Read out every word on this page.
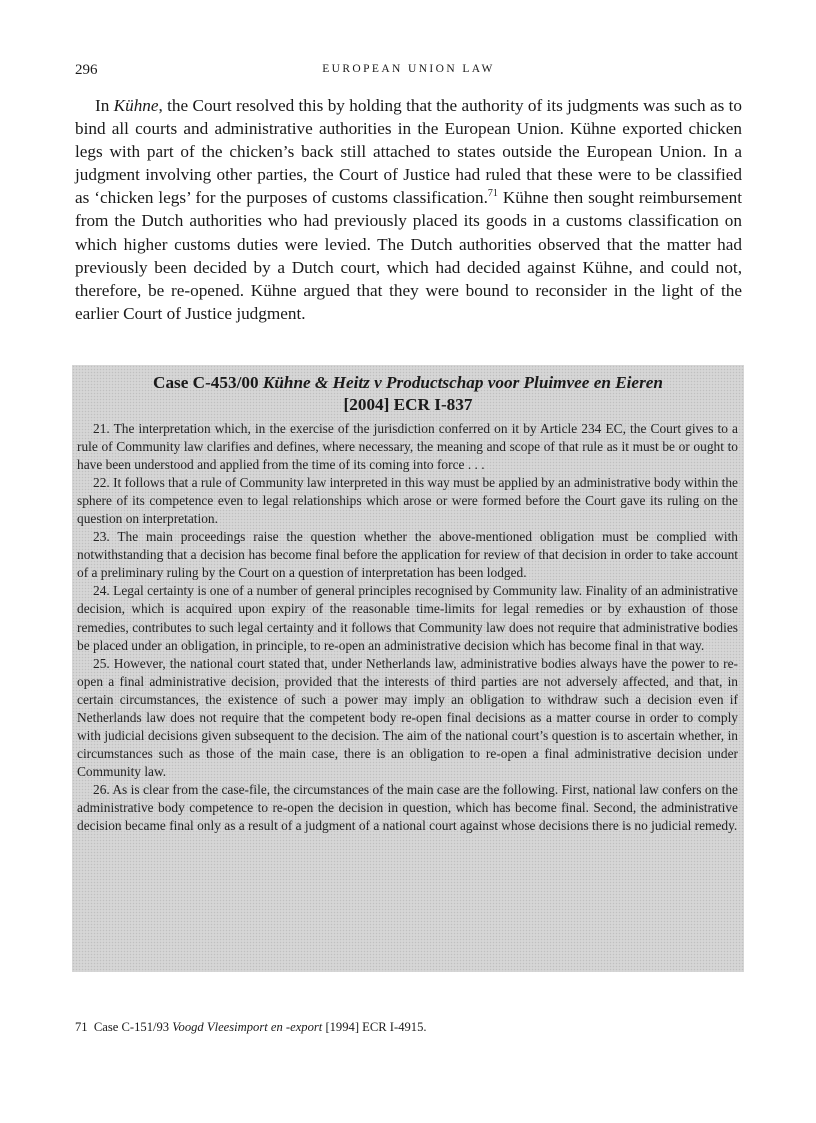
296	EUROPEAN UNION LAW

In Kühne, the Court resolved this by holding that the authority of its judgments was such as to bind all courts and administrative authorities in the European Union. Kühne exported chicken legs with part of the chicken’s back still attached to states outside the European Union. In a judgment involving other parties, the Court of Justice had ruled that these were to be classified as ‘chicken legs’ for the purposes of customs classification.$^{71}$ Kühne then sought reimbursement from the Dutch authorities who had previously placed its goods in a customs classification on which higher customs duties were levied. The Dutch authorities observed that the matter had previously been decided by a Dutch court, which had decided against Kühne, and could not, therefore, be re-opened. Kühne argued that they were bound to reconsider in the light of the earlier Court of Justice judgment.

Case C-453/00 Kühne & Heitz v Productschap voor Pluimvee en Eieren
[2004] ECR I-837

21. The interpretation which, in the exercise of the jurisdiction conferred on it by Article 234 EC, the Court gives to a rule of Community law clarifies and defines, where necessary, the meaning and scope of that rule as it must be or ought to have been understood and applied from the time of its coming into force . . .

22. It follows that a rule of Community law interpreted in this way must be applied by an administrative body within the sphere of its competence even to legal relationships which arose or were formed before the Court gave its ruling on the question on interpretation.

23. The main proceedings raise the question whether the above-mentioned obligation must be complied with notwithstanding that a decision has become final before the application for review of that decision in order to take account of a preliminary ruling by the Court on a question of interpretation has been lodged.

24. Legal certainty is one of a number of general principles recognised by Community law. Finality of an administrative decision, which is acquired upon expiry of the reasonable time-limits for legal remedies or by exhaustion of those remedies, contributes to such legal certainty and it follows that Community law does not require that administrative bodies be placed under an obligation, in principle, to re-open an administrative decision which has become final in that way.

25. However, the national court stated that, under Netherlands law, administrative bodies always have the power to re-open a final administrative decision, provided that the interests of third parties are not adversely affected, and that, in certain circumstances, the existence of such a power may imply an obligation to withdraw such a decision even if Netherlands law does not require that the competent body re-open final decisions as a matter course in order to comply with judicial decisions given subsequent to the decision. The aim of the national court’s question is to ascertain whether, in circumstances such as those of the main case, there is an obligation to re-open a final administrative decision under Community law.

26. As is clear from the case-file, the circumstances of the main case are the following. First, national law confers on the administrative body competence to re-open the decision in question, which has become final. Second, the administrative decision became final only as a result of a judgment of a national court against whose decisions there is no judicial remedy.

71 Case C-151/93 Voogd Vleesimport en -export [1994] ECR I-4915.
